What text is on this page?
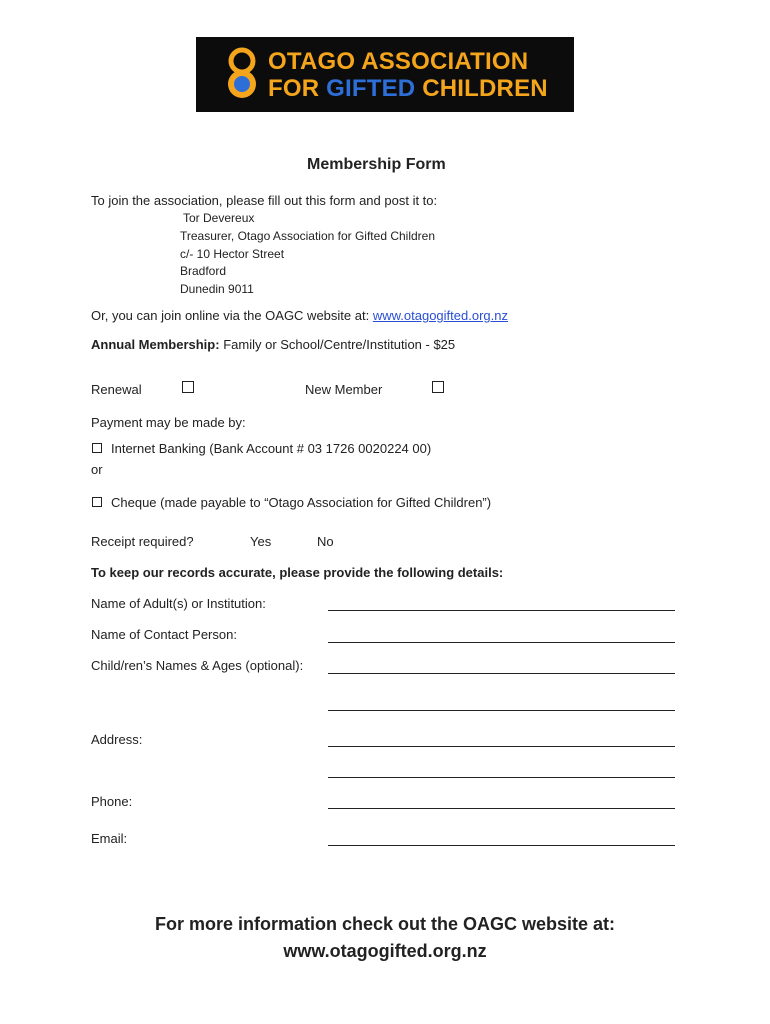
OTAGO ASSOCIATION
FOR GIFTED CHILDREN
Membership Form
To join the association, please fill out this form and post it to:
Tor Devereux
Treasurer, Otago Association for Gifted Children
c/- 10 Hector Street
Bradford
Dunedin 9011
Or, you can join online via the OAGC website at: www.otagogifted.org.nz
Annual Membership: Family or School/Centre/Institution - $25
Renewal	New Member
Payment may be made by:
Internet Banking (Bank Account # 03 1726 0020224 00)
or
Cheque (made payable to “Otago Association for Gifted Children”)
Receipt required?	Yes	No
To keep our records accurate, please provide the following details:
Name of Adult(s) or Institution:
Name of Contact Person:
Child/ren’s Names & Ages (optional):
Address:
Phone:
Email:
For more information check out the OAGC website at:
www.otagogifted.org.nz
